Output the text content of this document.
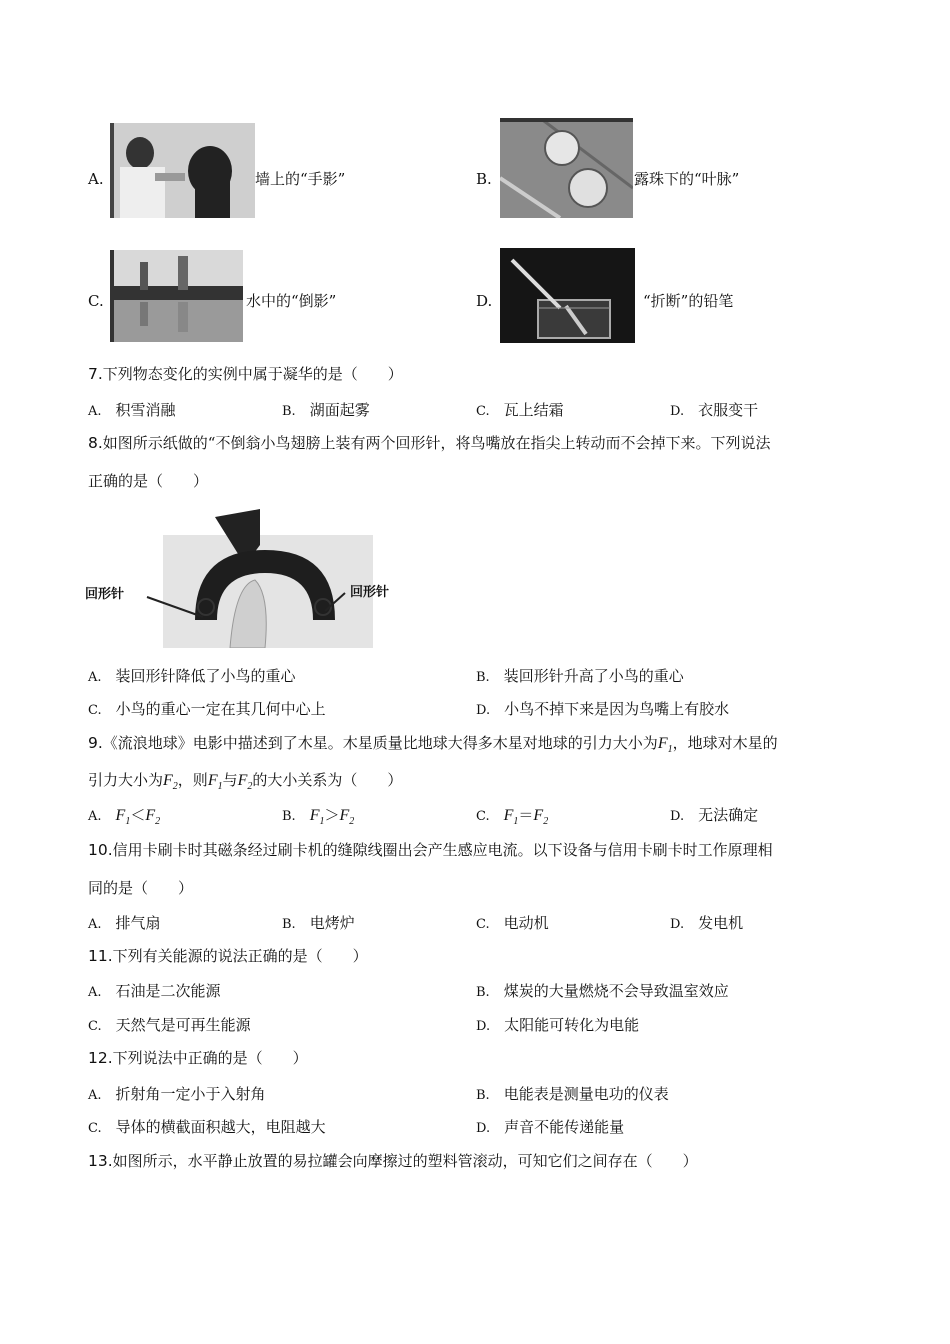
A.	墙上的“手影”	B.	露珠下的“叶脉”
C.	水中的“倒影”	D.	“折断”的铅笔
7.下列物态变化的实例中属于凝华的是（　　）
A. 积雪消融	B. 湖面起雾	C. 瓦上结霜	D. 衣服变干
8.如图所示纸做的“不倒翁小鸟翅膀上装有两个回形针，将鸟嘴放在指尖上转动而不会掉下来。下列说法
正确的是（　　）
回形针	回形针
A. 装回形针降低了小鸟的重心	B. 装回形针升高了小鸟的重心
C. 小鸟的重心一定在其几何中心上	D. 小鸟不掉下来是因为鸟嘴上有胶水
9.《流浪地球》电影中描述到了木星。木星质量比地球大得多木星对地球的引力大小为$F_1$，地球对木星的
引力大小为$F_2$，则$F_1$与$F_2$的大小关系为（　　）
A. $F_1<F_2$	B. $F_1>F_2$	C. $F_1=F_2$	D. 无法确定
10.信用卡刷卡时其磁条经过刷卡机的缝隙线圈出会产生感应电流。以下设备与信用卡刷卡时工作原理相
同的是（　　）
A. 排气扇	B. 电烤炉	C. 电动机	D. 发电机
11.下列有关能源的说法正确的是（　　）
A. 石油是二次能源	B. 煤炭的大量燃烧不会导致温室效应
C. 天然气是可再生能源	D. 太阳能可转化为电能
12.下列说法中正确的是（　　）
A. 折射角一定小于入射角	B. 电能表是测量电功的仪表
C. 导体的横截面积越大，电阻越大	D. 声音不能传递能量
13.如图所示，水平静止放置的易拉罐会向摩擦过的塑料管滚动，可知它们之间存在（　　）
